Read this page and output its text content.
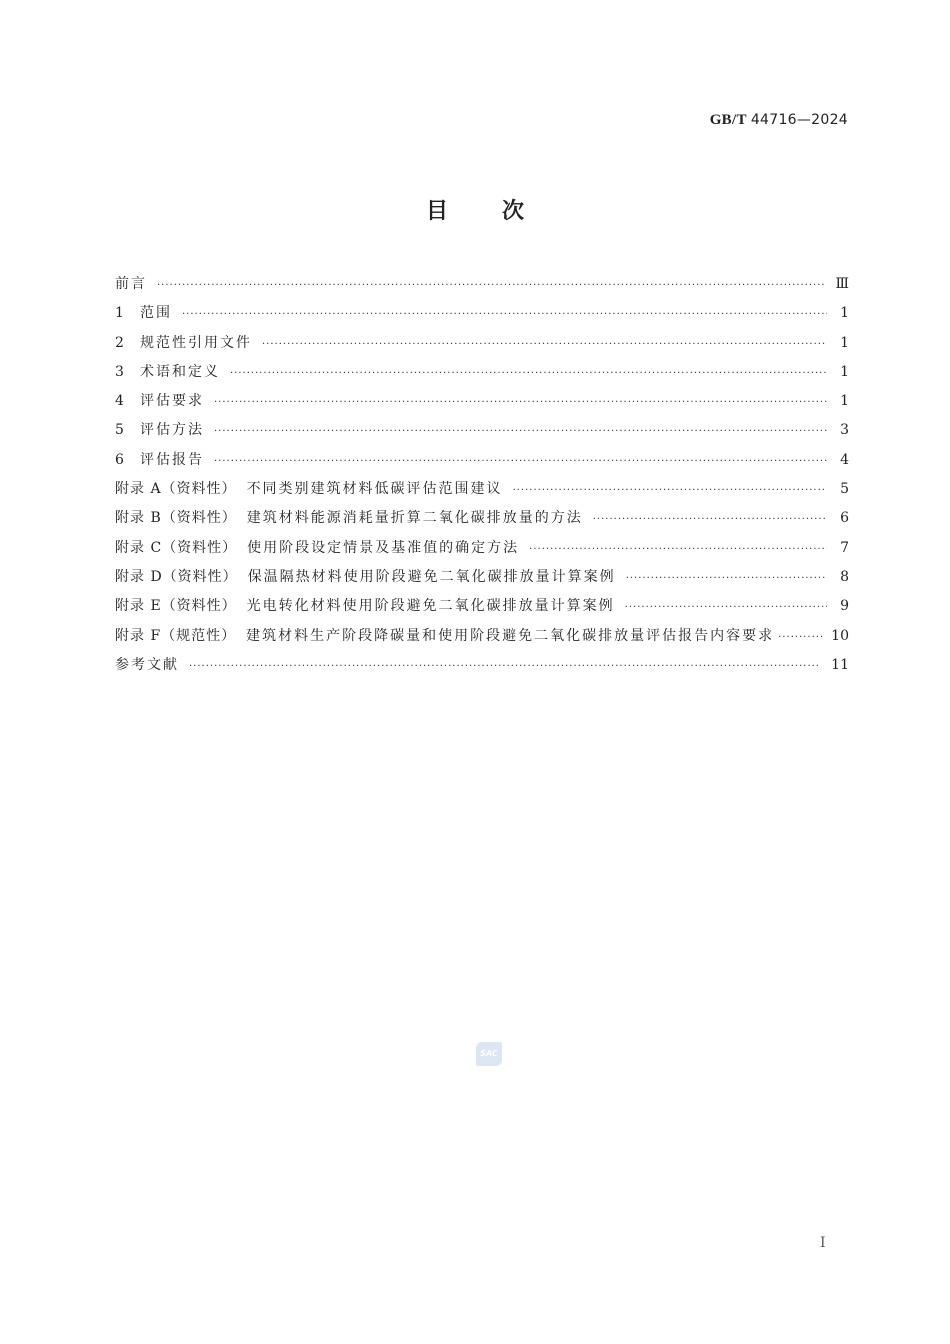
GB/T 44716—2024
目 次
前言 ·····	Ⅲ
1	范围 ·····	1
2	规范性引用文件 ·····	1
3	术语和定义 ·····	1
4	评估要求 ·····	1
5	评估方法 ·····	3
6	评估报告 ·····	4
附录 A（资料性） 不同类别建筑材料低碳评估范围建议 ·····	5
附录 B（资料性） 建筑材料能源消耗量折算二氧化碳排放量的方法 ·····	6
附录 C（资料性） 使用阶段设定情景及基准值的确定方法 ·····	7
附录 D（资料性） 保温隔热材料使用阶段避免二氧化碳排放量计算案例 ·····	8
附录 E（资料性） 光电转化材料使用阶段避免二氧化碳排放量计算案例 ·····	9
附录 F（规范性） 建筑材料生产阶段降碳量和使用阶段避免二氧化碳排放量评估报告内容要求 ·····	10
参考文献 ·····	11
SAC
Ⅰ
